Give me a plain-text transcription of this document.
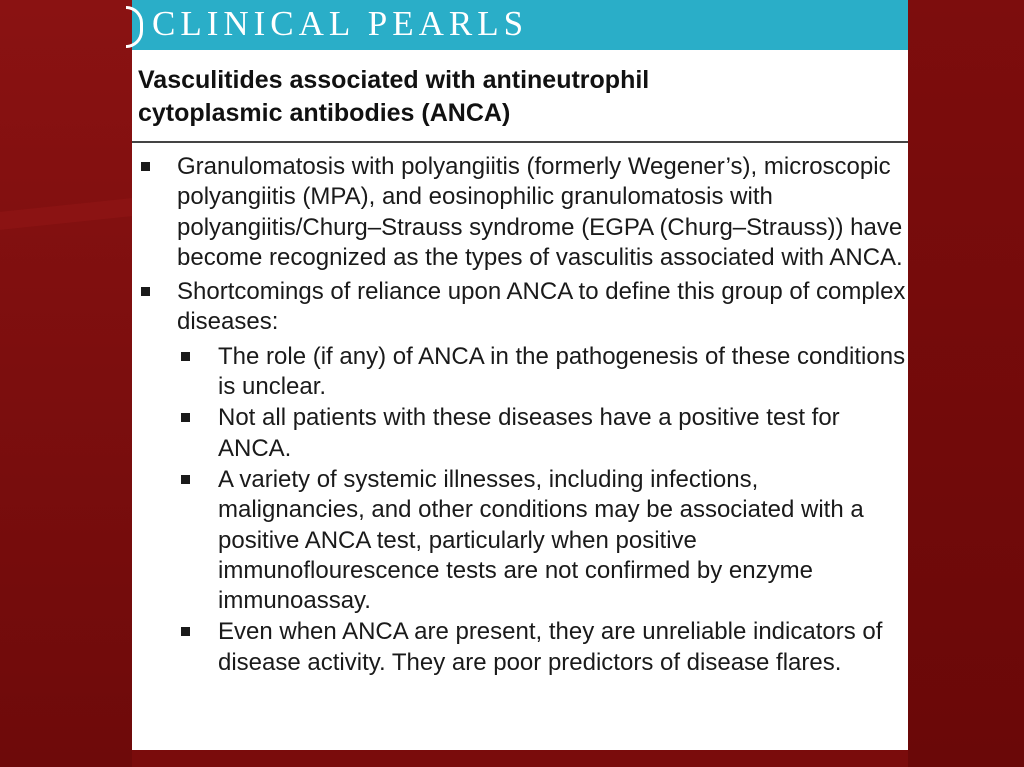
CLINICAL PEARLS
Vasculitides associated with antineutrophil
cytoplasmic antibodies (ANCA)
Granulomatosis with polyangiitis (formerly Wegener’s), microscopic polyangiitis (MPA), and eosinophilic granulomatosis with polyangiitis/Churg–Strauss syndrome (EGPA (Churg–Strauss)) have become recognized as the types of vasculitis associated with ANCA.
Shortcomings of reliance upon ANCA to define this group of complex diseases:
The role (if any) of ANCA in the pathogenesis of these conditions is unclear.
Not all patients with these diseases have a positive test for ANCA.
A variety of systemic illnesses, including infections, malignancies, and other conditions may be associated with a positive ANCA test, particularly when positive immunoflourescence tests are not confirmed by enzyme immunoassay.
Even when ANCA are present, they are unreliable indicators of disease activity. They are poor predictors of disease flares.
